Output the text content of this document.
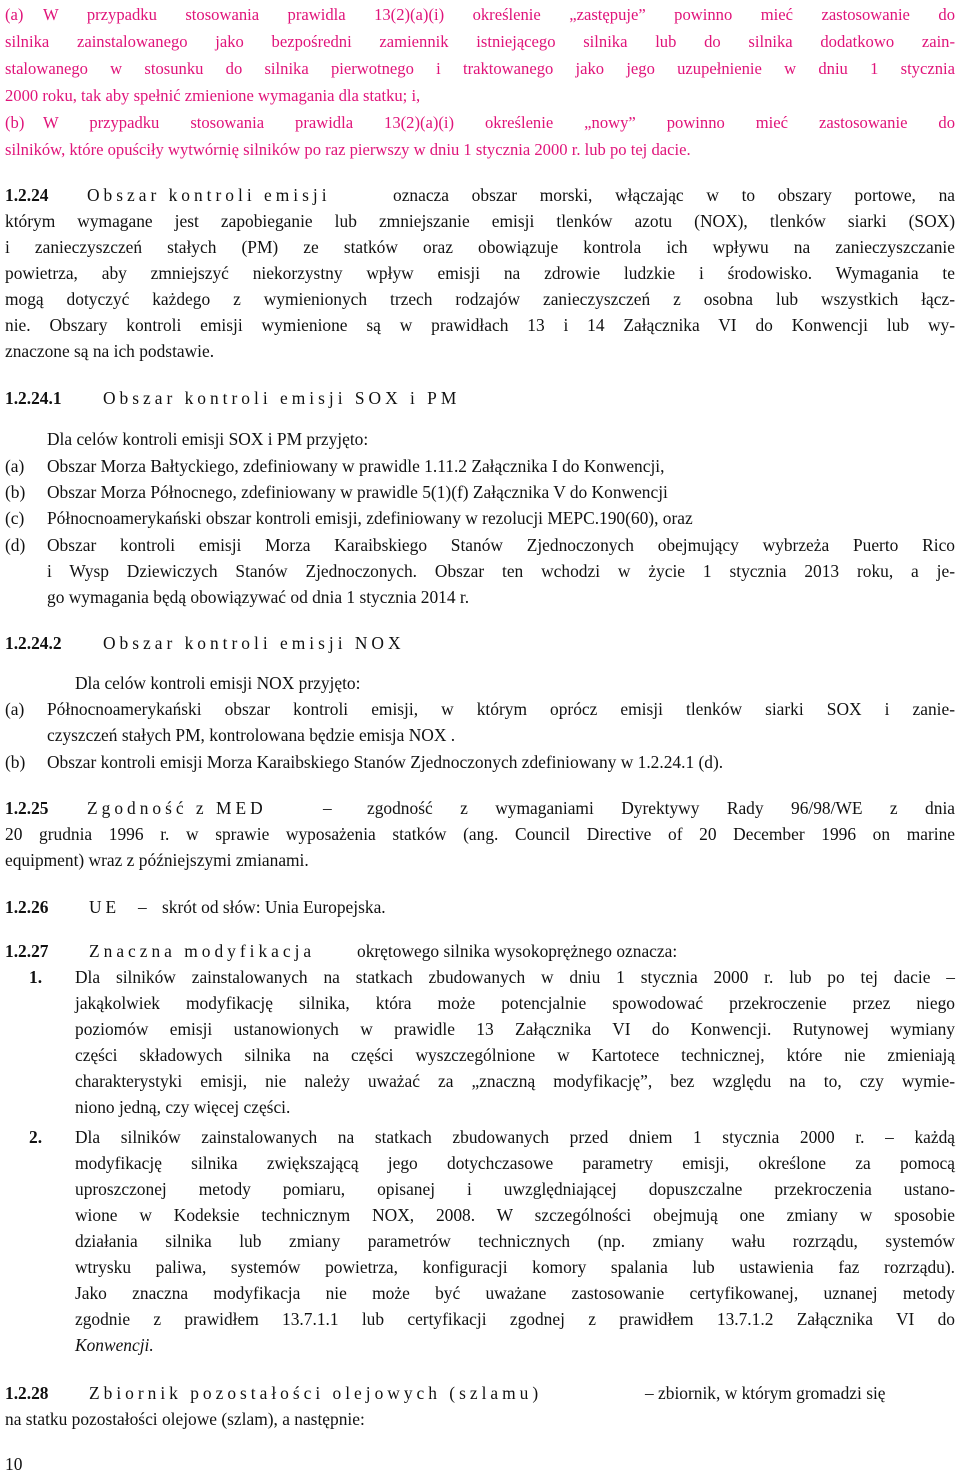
(a) W przypadku stosowania prawidla 13(2)(a)(i) określenie „zastępuje” powinno mieć zastosowanie do
silnika zainstalowanego jako bezpośredni zamiennik istniejącego silnika lub do silnika dodatkowo zain-
stalowanego w stosunku do silnika pierwotnego i traktowanego jako jego uzupełnienie w dniu 1 stycznia
2000 roku, tak aby spełnić zmienione wymagania dla statku; i,
(b) W przypadku stosowania prawidla 13(2)(a)(i) określenie „nowy” powinno mieć zastosowanie do
silników, które opuściły wytwórnię silników po raz pierwszy w dniu 1 stycznia 2000 r. lub po tej dacie.
1.2.24 Obszar kontroli emisji	oznacza obszar morski, włączając w to obszary portowe, na
którym wymagane jest zapobieganie lub zmniejszanie emisji tlenków azotu (NOX), tlenków siarki (SOX)
i zanieczyszczeń stałych (PM) ze statków oraz obowiązuje kontrola ich wpływu na zanieczyszczanie
powietrza, aby zmniejszyć niekorzystny wpływ emisji na zdrowie ludzkie i środowisko. Wymagania te
mogą dotyczyć każdego z wymienionych trzech rodzajów zanieczyszczeń z osobna lub wszystkich łącz-
nie. Obszary kontroli emisji wymienione są w prawidłach 13 i 14 Załącznika VI do Konwencji lub wy-
znaczone są na ich podstawie.
1.2.24.1 Obszar kontroli emisji SOX i PM
Dla celów kontroli emisji SOX i PM przyjęto:
(a) Obszar Morza Bałtyckiego, zdefiniowany w prawidle 1.11.2 Załącznika I do Konwencji,
(b) Obszar Morza Północnego, zdefiniowany w prawidle 5(1)(f) Załącznika V do Konwencji
(c) Północnoamerykański obszar kontroli emisji, zdefiniowany w rezolucji MEPC.190(60), oraz
(d) Obszar kontroli emisji Morza Karaibskiego Stanów Zjednoczonych obejmujący wybrzeża Puerto Rico
i Wysp Dziewiczych Stanów Zjednoczonych. Obszar ten wchodzi w życie 1 stycznia 2013 roku, a je-
go wymagania będą obowiązywać od dnia 1 stycznia 2014 r.
1.2.24.2 Obszar kontroli emisji NOX
Dla celów kontroli emisji NOX przyjęto:
(a) Północnoamerykański obszar kontroli emisji, w którym oprócz emisji tlenków siarki SOX i zanie-
czyszczeń stałych PM, kontrolowana będzie emisja NOX .
(b) Obszar kontroli emisji Morza Karaibskiego Stanów Zjednoczonych zdefiniowany w 1.2.24.1 (d).
1.2.25 Zgodność z MED	– zgodność z wymaganiami Dyrektywy Rady 96/98/WE z dnia
20 grudnia 1996 r. w sprawie wyposażenia statków (ang. Council Directive of 20 December 1996 on marine
equipment) wraz z późniejszymi zmianami.
1.2.26 UE – skrót od słów: Unia Europejska.
1.2.27 Znaczna modyfikacja okrętowego silnika wysokoprężnego oznacza:
1. Dla silników zainstalowanych na statkach zbudowanych w dniu 1 stycznia 2000 r. lub po tej dacie –
jakąkolwiek modyfikację silnika, która może potencjalnie spowodować przekroczenie przez niego
poziomów emisji ustanowionych w prawidle 13 Załącznika VI do Konwencji. Rutynowej wymiany
części składowych silnika na części wyszczególnione w Kartotece technicznej, które nie zmieniają
charakterystyki emisji, nie należy uważać za „znaczną modyfikację”, bez względu na to, czy wymie-
niono jedną, czy więcej części.
2. Dla silników zainstalowanych na statkach zbudowanych przed dniem 1 stycznia 2000 r. – każdą
modyfikację silnika zwiększającą jego dotychczasowe parametry emisji, określone za pomocą
uproszczonej metody pomiaru, opisanej i uwzględniającej dopuszczalne przekroczenia ustano-
wione w Kodeksie technicznym NOX, 2008. W szczególności obejmują one zmiany w sposobie
działania silnika lub zmiany parametrów technicznych (np. zmiany wału rozrządu, systemów
wtrysku paliwa, systemów powietrza, konfiguracji komory spalania lub ustawienia faz rozrządu).
Jako znaczna modyfikacja nie może być uważane zastosowanie certyfikowanej, uznanej metody
zgodnie z prawidłem 13.7.1.1 lub certyfikacji zgodnej z prawidłem 13.7.1.2 Załącznika VI do
Konwencji.
1.2.28 Zbiornik pozostałości olejowych (szlamu)	– zbiornik, w którym gromadzi się
na statku pozostałości olejowe (szlam), a następnie:
10
